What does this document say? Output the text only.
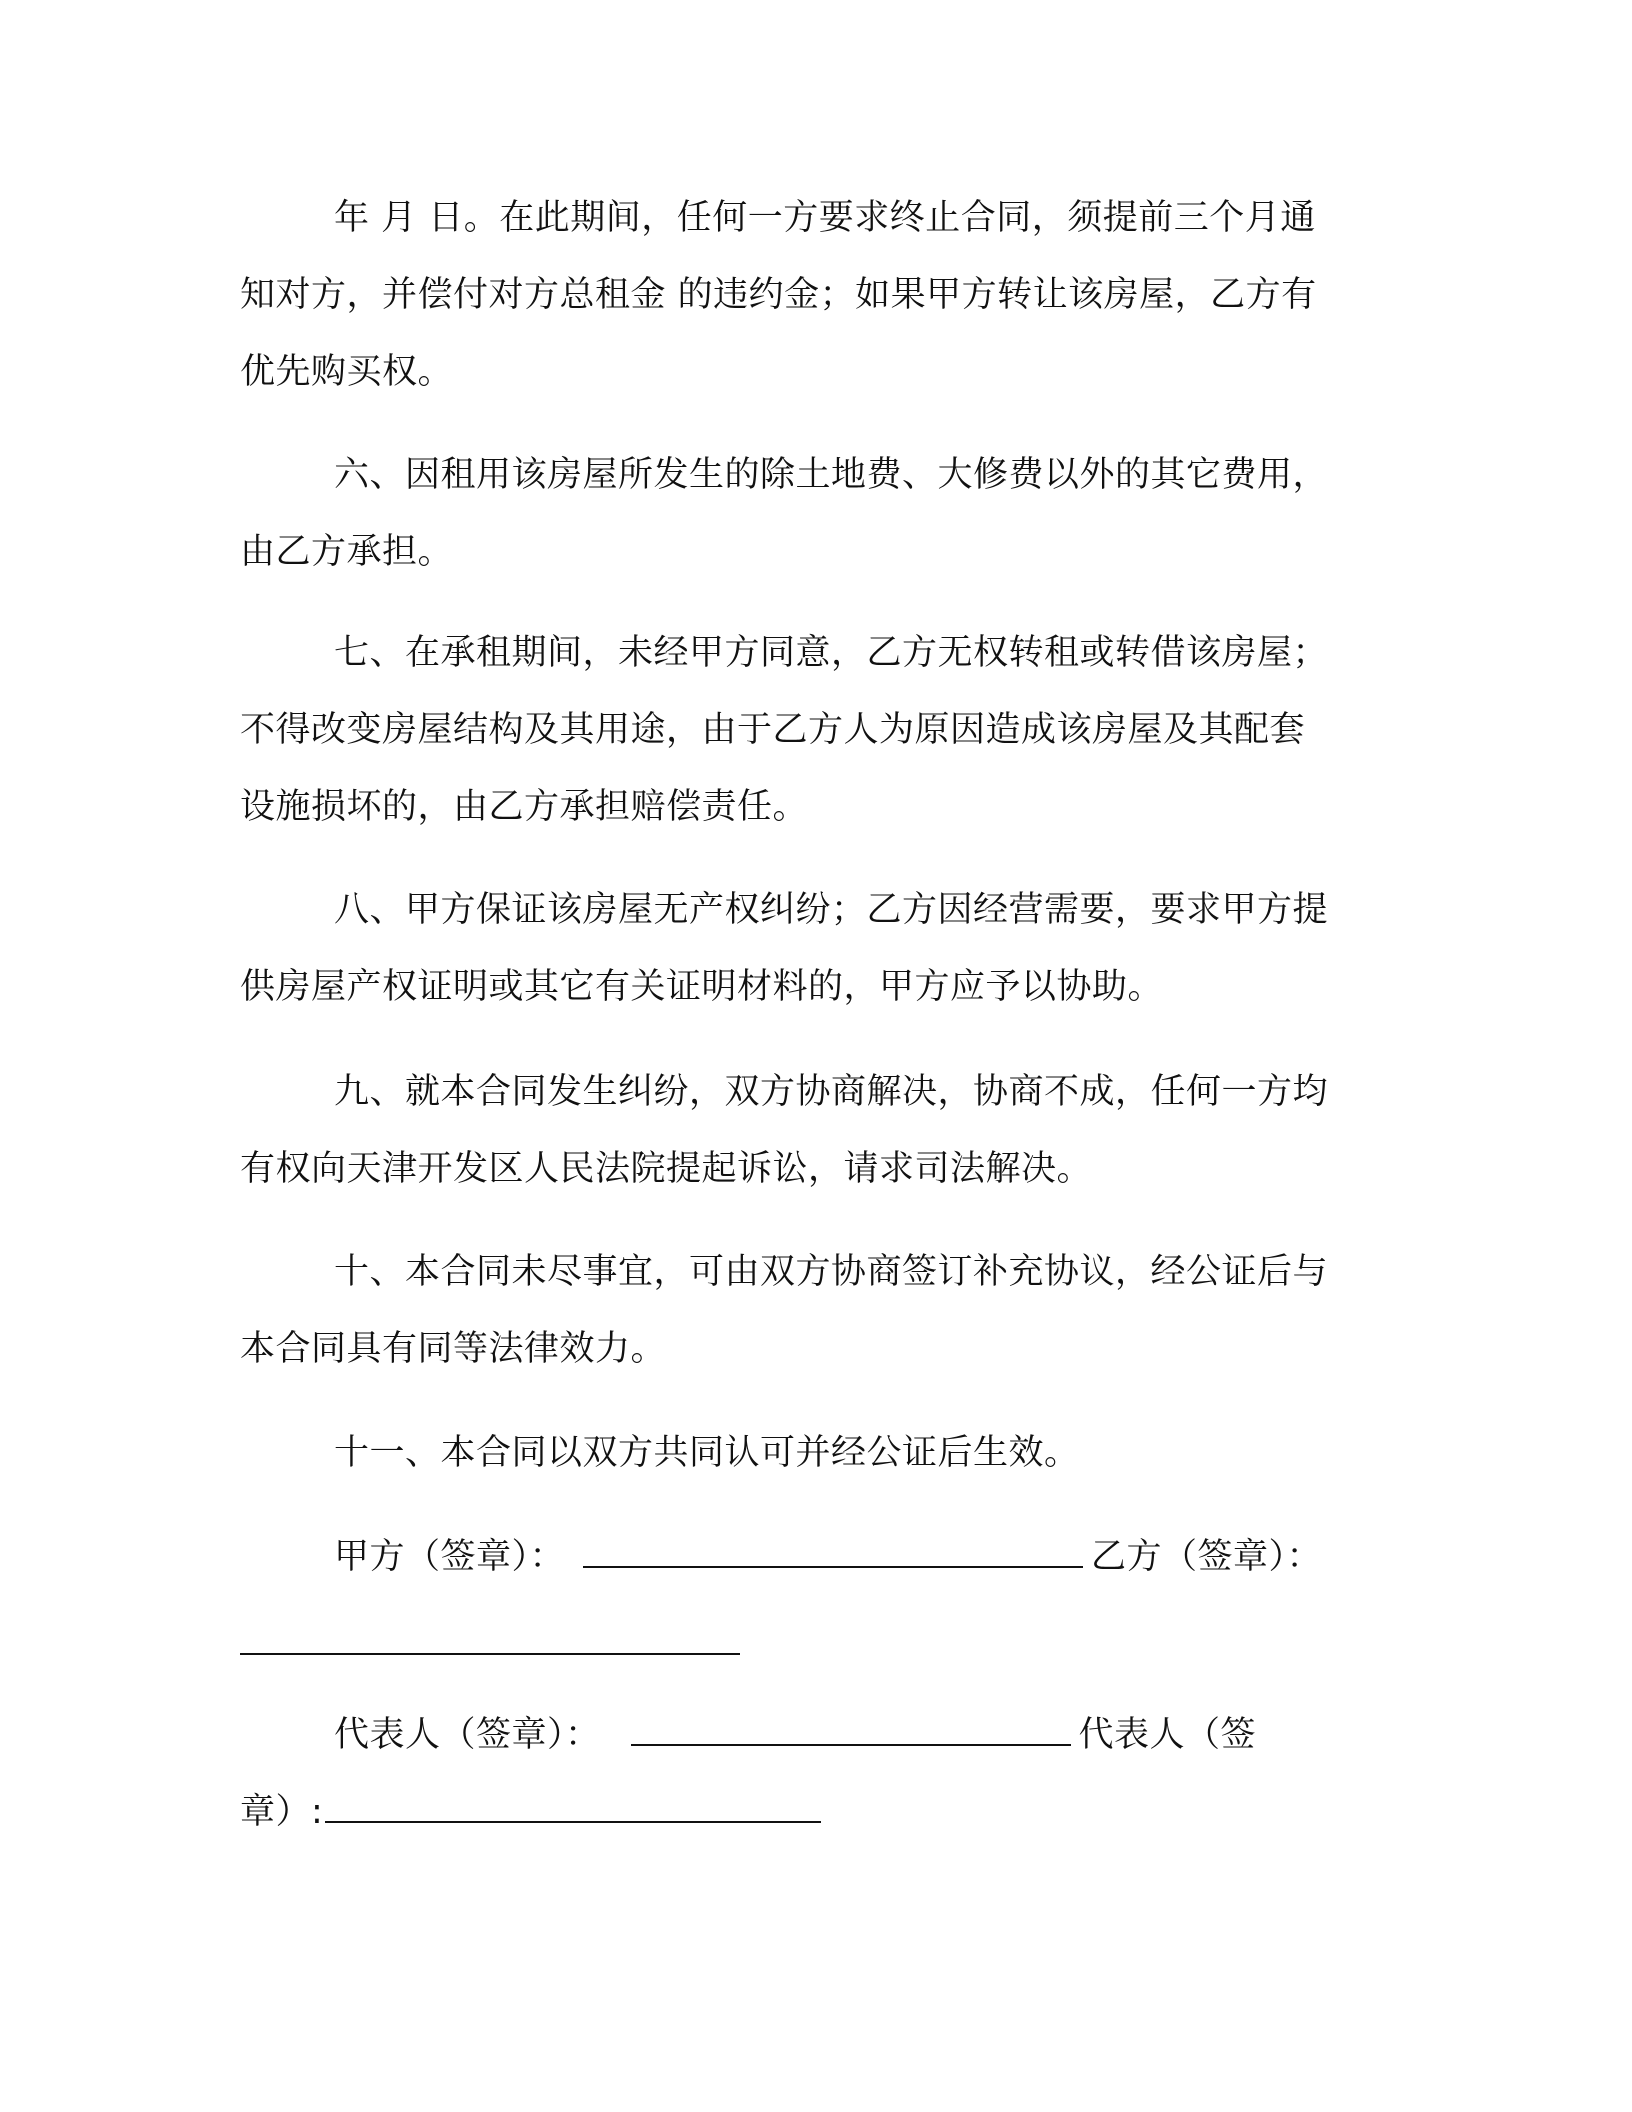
年 月 日。在此期间，任何一方要求终止合同，须提前三个月通
知对方，并偿付对方总租金 的违约金；如果甲方转让该房屋，乙方有
优先购买权。
六、因租用该房屋所发生的除土地费、大修费以外的其它费用，
由乙方承担。
七、在承租期间，未经甲方同意，乙方无权转租或转借该房屋；
不得改变房屋结构及其用途，由于乙方人为原因造成该房屋及其配套
设施损坏的，由乙方承担赔偿责任。
八、甲方保证该房屋无产权纠纷；乙方因经营需要，要求甲方提
供房屋产权证明或其它有关证明材料的，甲方应予以协助。
九、就本合同发生纠纷，双方协商解决，协商不成，任何一方均
有权向天津开发区人民法院提起诉讼，请求司法解决。
十、本合同未尽事宜，可由双方协商签订补充协议，经公证后与
本合同具有同等法律效力。
十一、本合同以双方共同认可并经公证后生效。
甲方（签章）：	乙方（签章）：
代表人（签章）：	代表人（签
章）:
